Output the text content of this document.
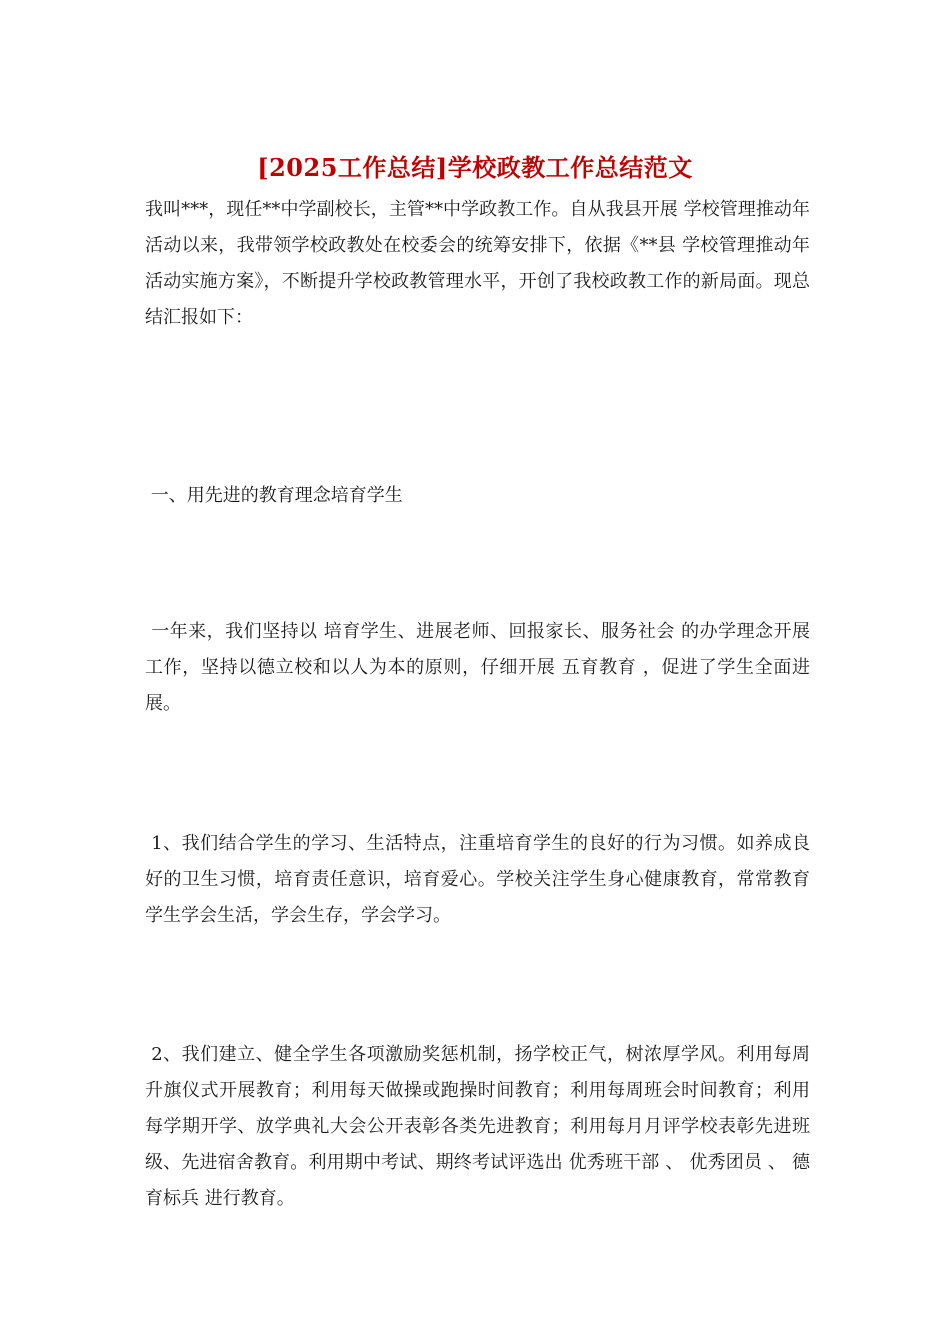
[2025工作总结]学校政教工作总结范文

我叫***，现任**中学副校长，主管**中学政教工作。自从我县开展 学校管理推动年 活动以来，我带领学校政教处在校委会的统筹安排下，依据《**县 学校管理推动年 活动实施方案》，不断提升学校政教管理水平，开创了我校政教工作的新局面。现总结汇报如下：

一、用先进的教育理念培育学生

一年来，我们坚持以 培育学生、进展老师、回报家长、服务社会 的办学理念开展工作，坚持以德立校和以人为本的原则，仔细开展 五育教育 ，促进了学生全面进展。

1、我们结合学生的学习、生活特点，注重培育学生的良好的行为习惯。如养成良好的卫生习惯，培育责任意识，培育爱心。学校关注学生身心健康教育，常常教育学生学会生活，学会生存，学会学习。

2、我们建立、健全学生各项激励奖惩机制，扬学校正气，树浓厚学风。利用每周升旗仪式开展教育；利用每天做操或跑操时间教育；利用每周班会时间教育；利用每学期开学、放学典礼大会公开表彰各类先进教育；利用每月月评学校表彰先进班级、先进宿舍教育。利用期中考试、期终考试评选出 优秀班干部 、 优秀团员 、 德育标兵 进行教育。
